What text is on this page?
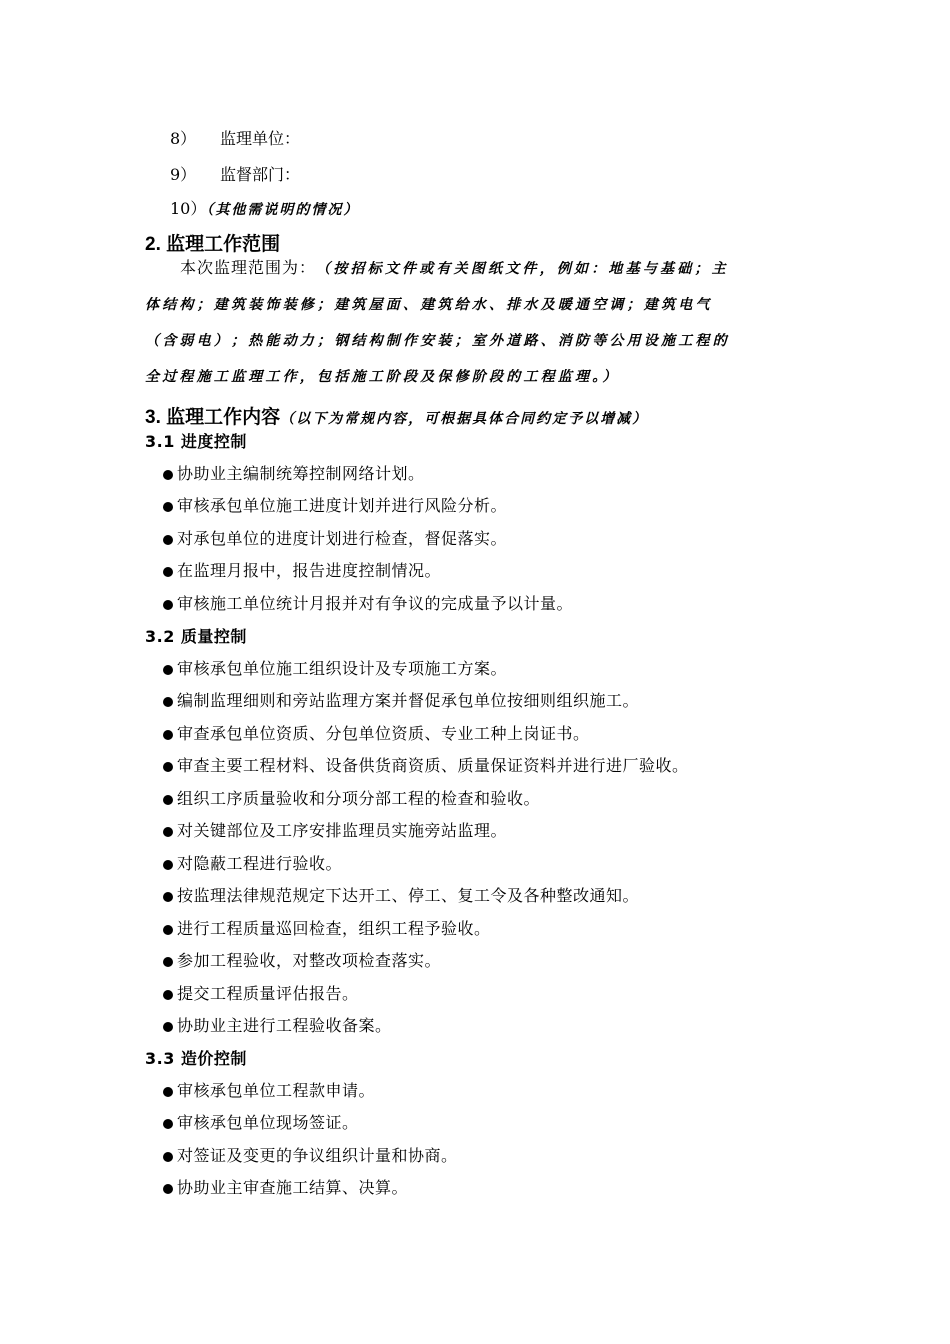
8） 监理单位：
9） 监督部门：
10）（其他需说明的情况）
2. 监理工作范围
本次监理范围为：（按招标文件或有关图纸文件，例如：地基与基础；主
体结构；建筑装饰装修；建筑屋面、建筑给水、排水及暖通空调；建筑电气
（含弱电）；热能动力；钢结构制作安装；室外道路、消防等公用设施工程的
全过程施工监理工作，包括施工阶段及保修阶段的工程监理。）
3. 监理工作内容（以下为常规内容，可根据具体合同约定予以增减）
3.1 进度控制
协助业主编制统筹控制网络计划。
审核承包单位施工进度计划并进行风险分析。
对承包单位的进度计划进行检查，督促落实。
在监理月报中，报告进度控制情况。
审核施工单位统计月报并对有争议的完成量予以计量。
3.2 质量控制
审核承包单位施工组织设计及专项施工方案。
编制监理细则和旁站监理方案并督促承包单位按细则组织施工。
审查承包单位资质、分包单位资质、专业工种上岗证书。
审查主要工程材料、设备供货商资质、质量保证资料并进行进厂验收。
组织工序质量验收和分项分部工程的检查和验收。
对关键部位及工序安排监理员实施旁站监理。
对隐蔽工程进行验收。
按监理法律规范规定下达开工、停工、复工令及各种整改通知。
进行工程质量巡回检查，组织工程予验收。
参加工程验收，对整改项检查落实。
提交工程质量评估报告。
协助业主进行工程验收备案。
3.3 造价控制
审核承包单位工程款申请。
审核承包单位现场签证。
对签证及变更的争议组织计量和协商。
协助业主审查施工结算、决算。
